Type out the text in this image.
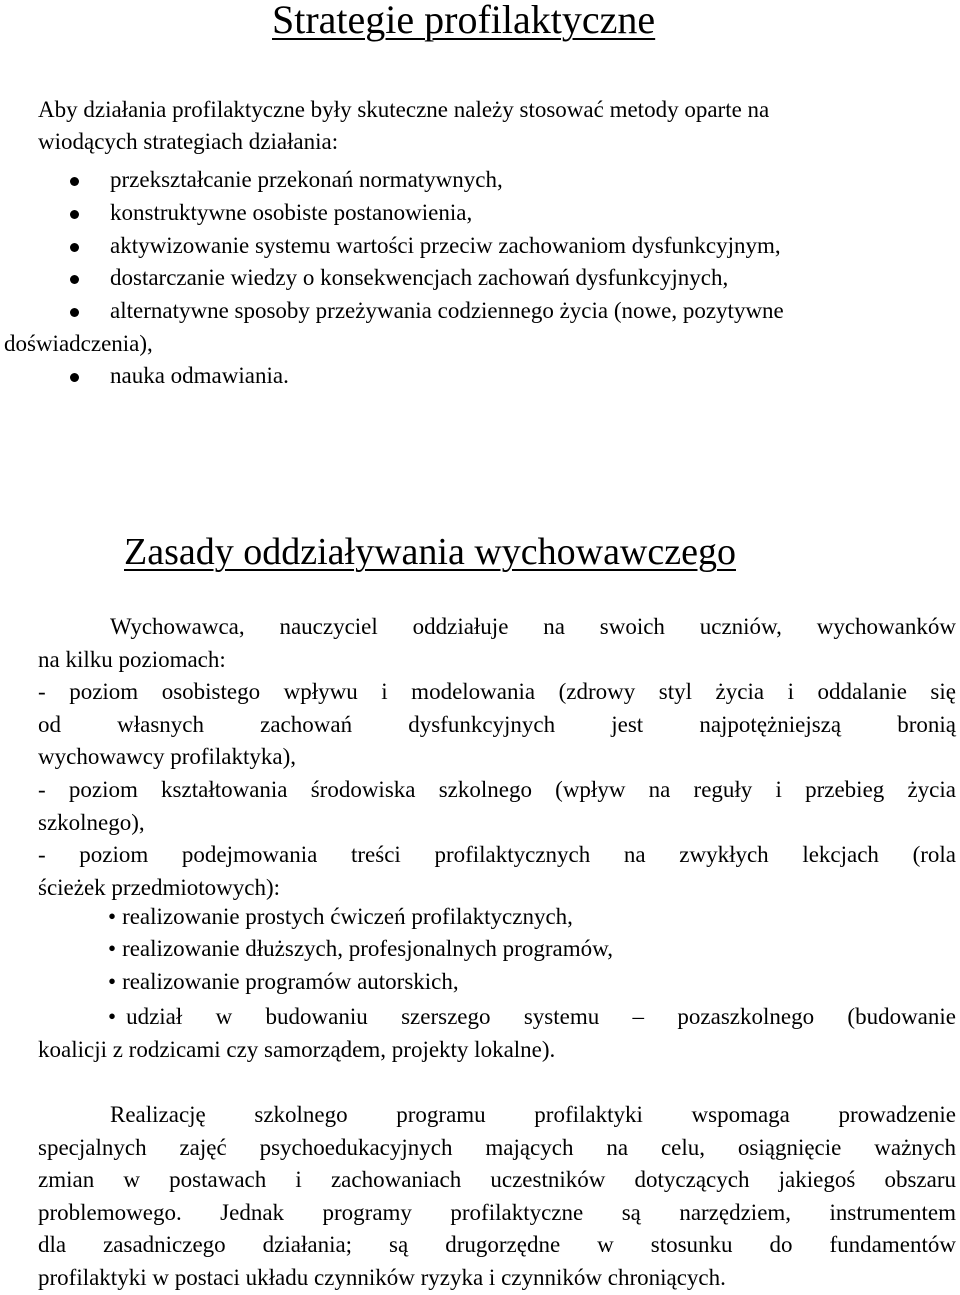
Strategie profilaktyczne
Aby działania profilaktyczne były skuteczne należy stosować metody oparte na
wiodących strategiach działania:
przekształcanie przekonań normatywnych,
konstruktywne osobiste postanowienia,
aktywizowanie systemu wartości przeciw zachowaniom dysfunkcyjnym,
dostarczanie wiedzy o konsekwencjach zachowań dysfunkcyjnych,
alternatywne sposoby przeżywania codziennego życia (nowe, pozytywne
doświadczenia),
nauka odmawiania.
Zasady oddziaływania wychowawczego
Wychowawca, nauczyciel oddziałuje na swoich uczniów, wychowanków
na kilku poziomach:
- poziom osobistego wpływu i modelowania (zdrowy styl życia i oddalanie się
od własnych zachowań dysfunkcyjnych jest najpotężniejszą bronią
wychowawcy profilaktyka),
- poziom kształtowania środowiska szkolnego (wpływ na reguły i przebieg życia
szkolnego),
- poziom podejmowania treści profilaktycznych na zwykłych lekcjach (rola
ścieżek przedmiotowych):
• realizowanie prostych ćwiczeń profilaktycznych,
• realizowanie dłuższych, profesjonalnych programów,
• realizowanie programów autorskich,
• udział w budowaniu szerszego systemu – pozaszkolnego (budowanie
koalicji z rodzicami czy samorządem, projekty lokalne).
Realizację szkolnego programu profilaktyki wspomaga prowadzenie
specjalnych zajęć psychoedukacyjnych mających na celu, osiągnięcie ważnych
zmian w postawach i zachowaniach uczestników dotyczących jakiegoś obszaru
problemowego. Jednak programy profilaktyczne są narzędziem, instrumentem
dla zasadniczego działania; są drugorzędne w stosunku do fundamentów
profilaktyki w postaci układu czynników ryzyka i czynników chroniących.
